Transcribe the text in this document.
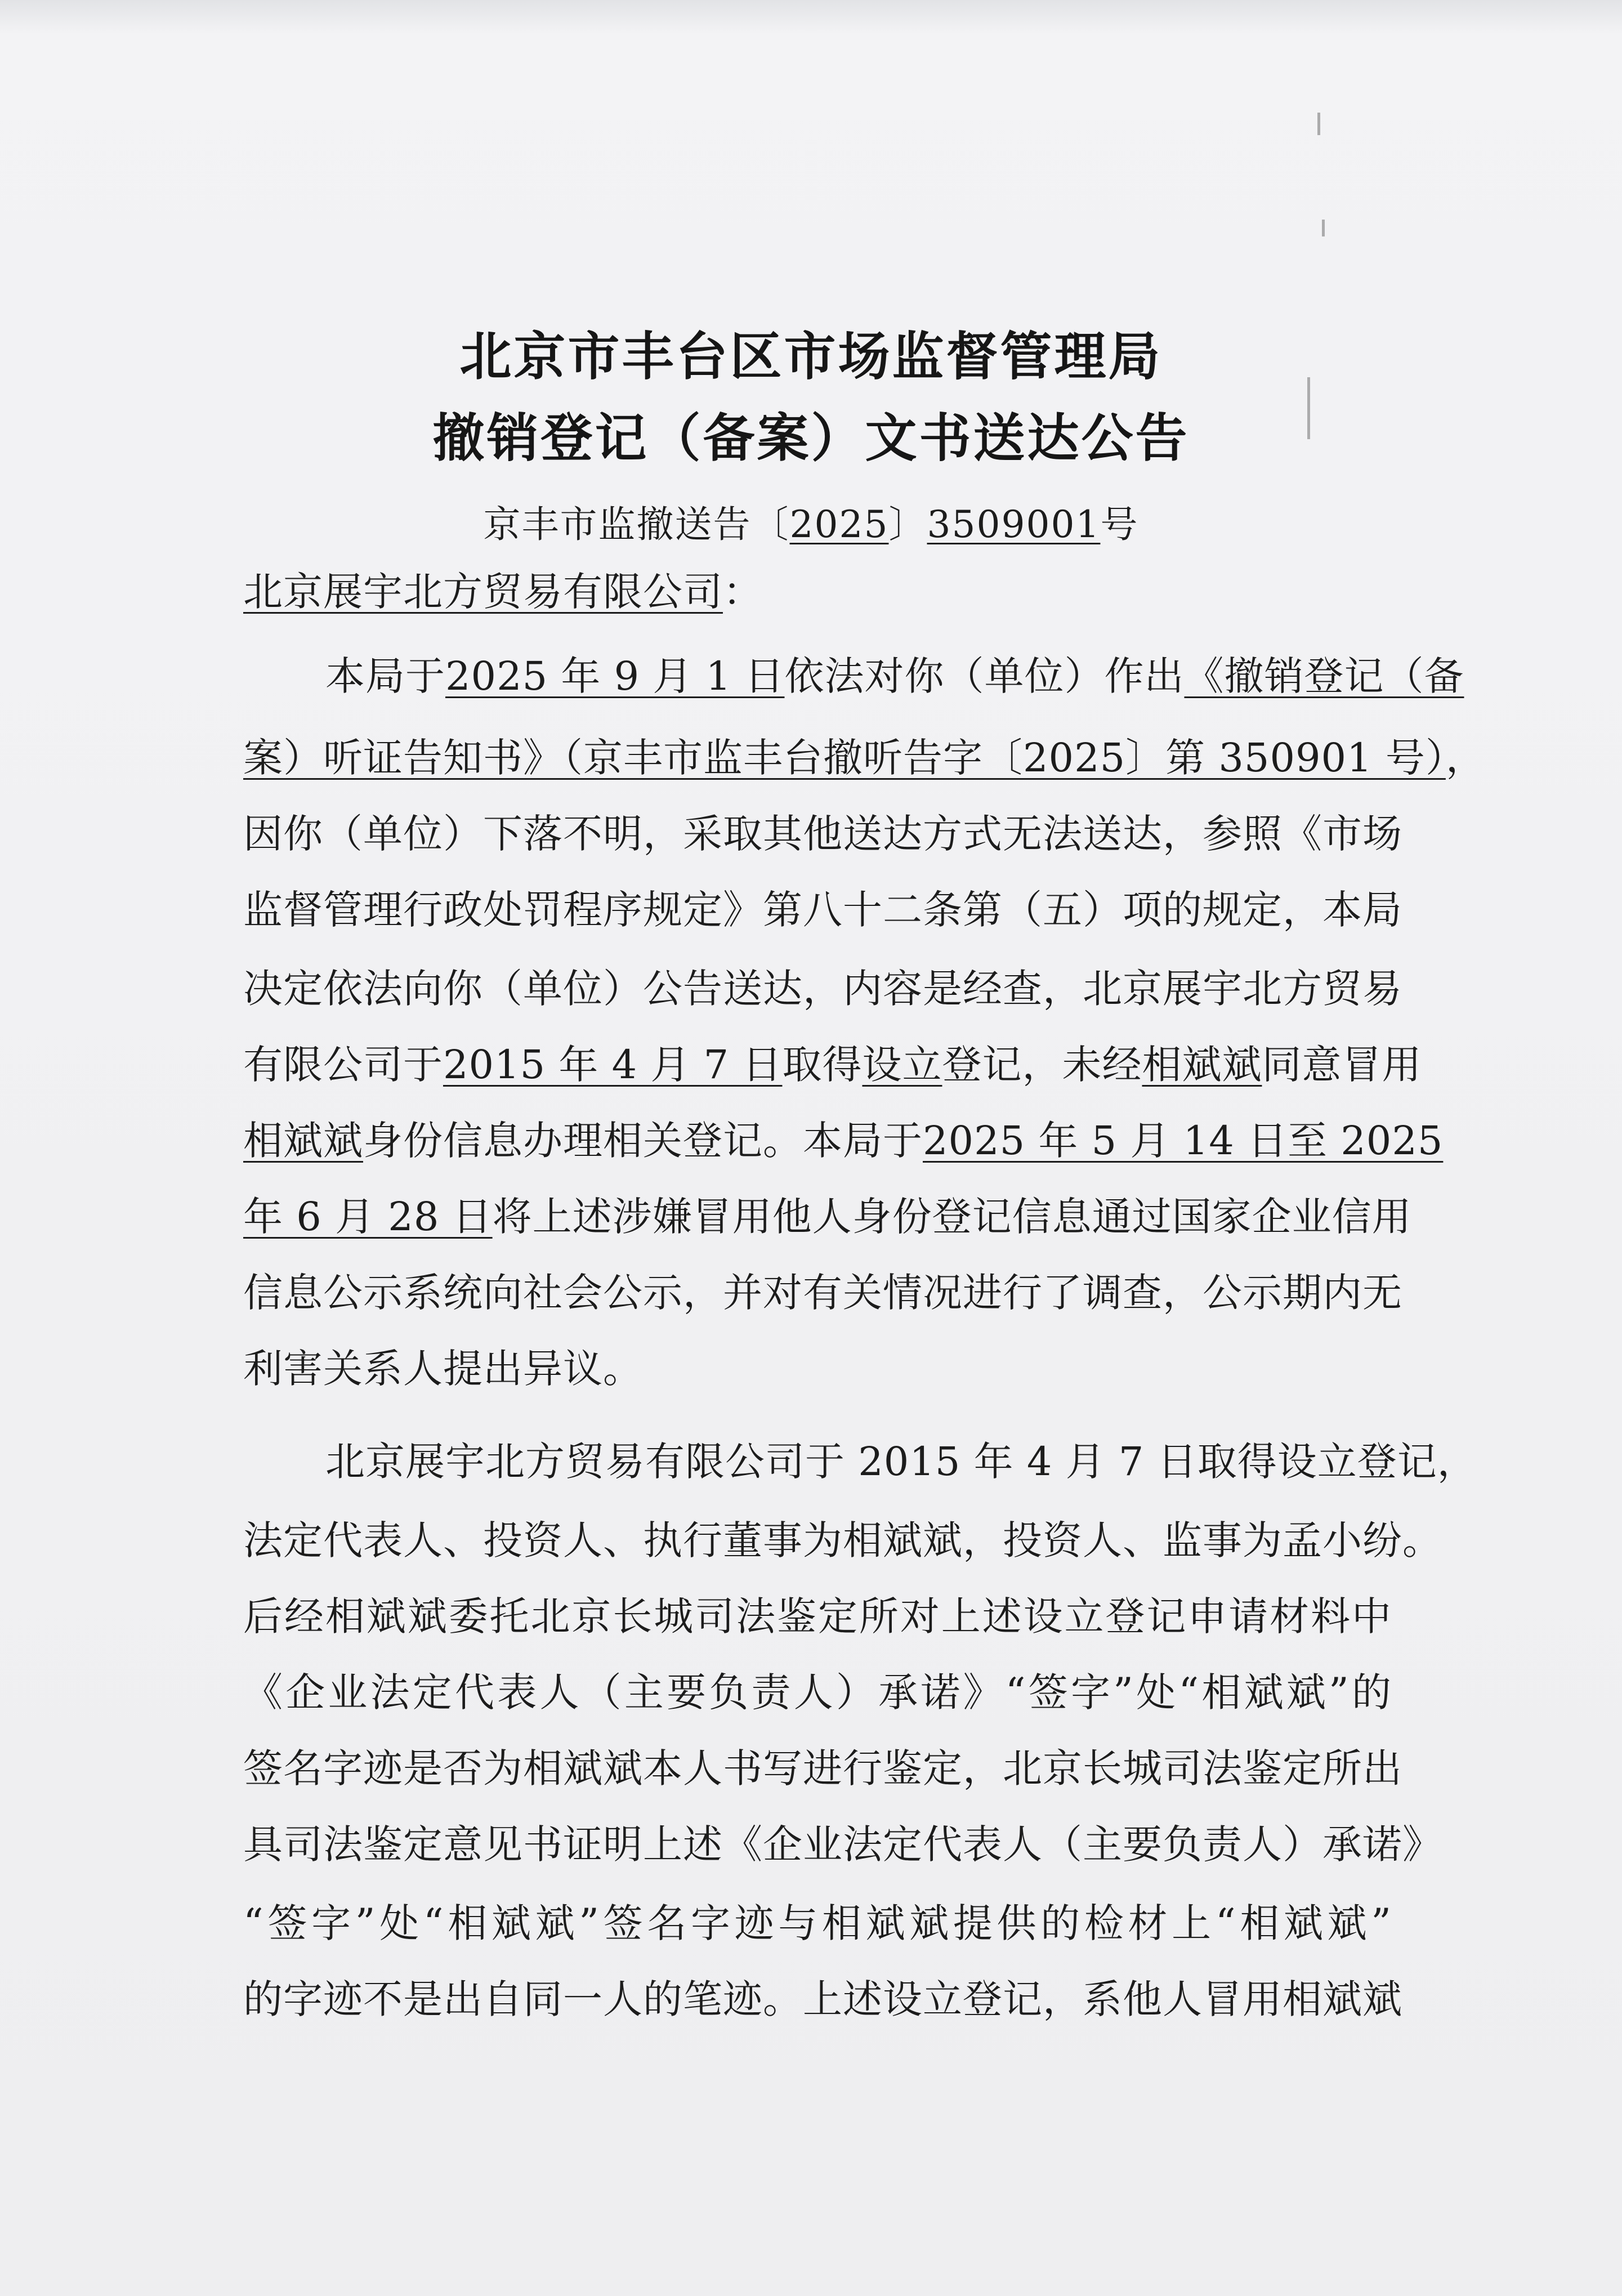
北京市丰台区市场监督管理局
撤销登记（备案）文书送达公告
京丰市监撤送告〔2025〕3509001号
北京展宇北方贸易有限公司：
本局于2025 年 9 月 1 日依法对你（单位）作出《撤销登记（备
案）听证告知书》（京丰市监丰台撤听告字〔2025〕第 350901 号），
因你（单位）下落不明，采取其他送达方式无法送达，参照《市场
监督管理行政处罚程序规定》第八十二条第（五）项的规定，本局
决定依法向你（单位）公告送达，内容是经查，北京展宇北方贸易
有限公司于2015 年 4 月 7 日取得设立登记，未经相斌斌同意冒用
相斌斌身份信息办理相关登记。本局于2025 年 5 月 14 日至 2025
年 6 月 28 日将上述涉嫌冒用他人身份登记信息通过国家企业信用
信息公示系统向社会公示，并对有关情况进行了调查，公示期内无
利害关系人提出异议。
北京展宇北方贸易有限公司于 2015 年 4 月 7 日取得设立登记，
法定代表人、投资人、执行董事为相斌斌，投资人、监事为孟小纷。
后经相斌斌委托北京长城司法鉴定所对上述设立登记申请材料中
《企业法定代表人（主要负责人）承诺》“签字”处“相斌斌”的
签名字迹是否为相斌斌本人书写进行鉴定，北京长城司法鉴定所出
具司法鉴定意见书证明上述《企业法定代表人（主要负责人）承诺》
“签字”处“相斌斌”签名字迹与相斌斌提供的检材上“相斌斌”
的字迹不是出自同一人的笔迹。上述设立登记，系他人冒用相斌斌
